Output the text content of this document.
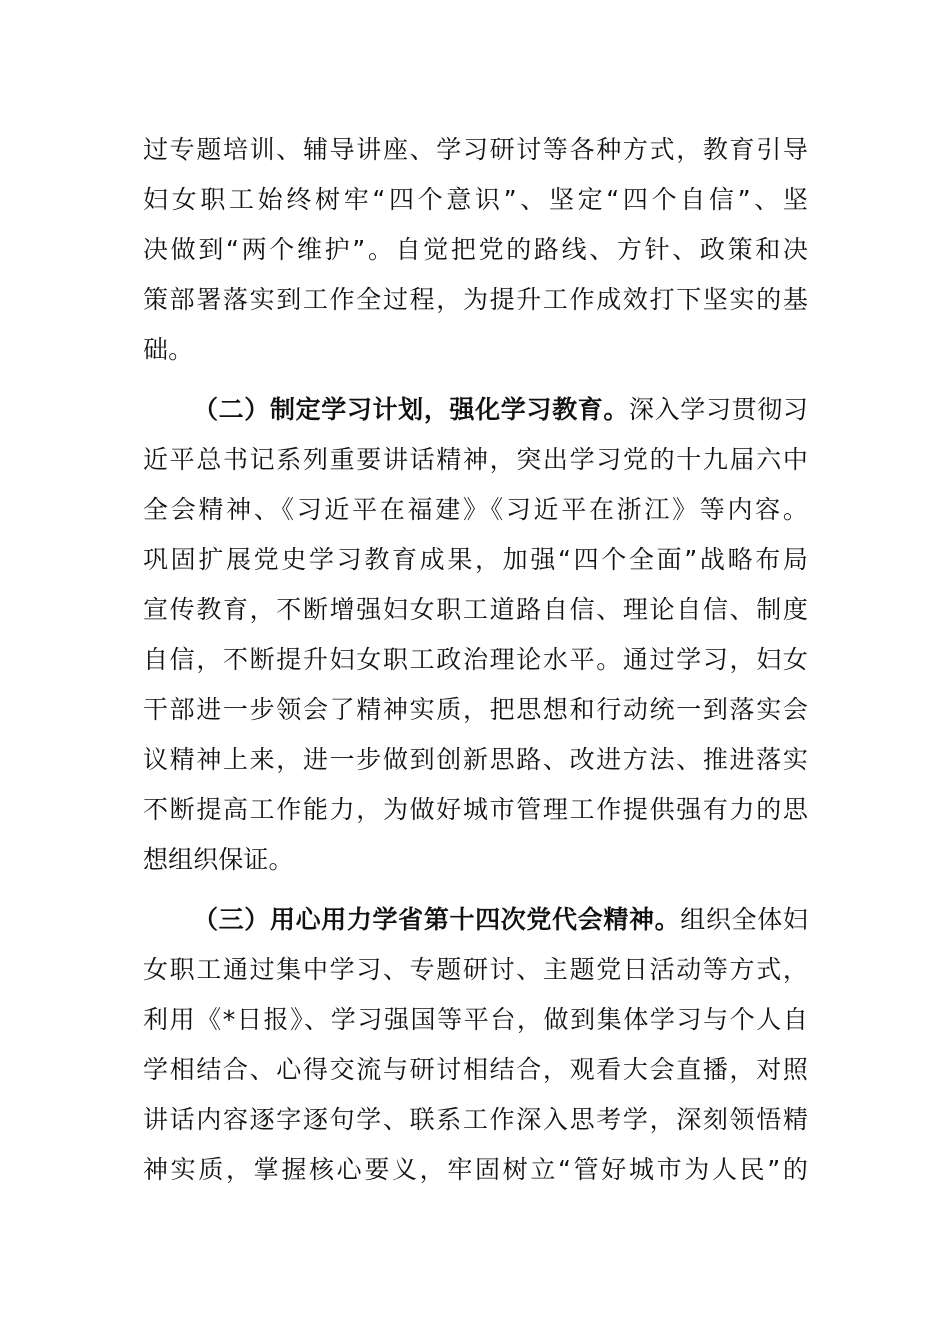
过专题培训、辅导讲座、学习研讨等各种方式，教育引导
妇女职工始终树牢“四个意识”、坚定“四个自信”、坚
决做到“两个维护”。自觉把党的路线、方针、政策和决
策部署落实到工作全过程，为提升工作成效打下坚实的基
础。
（二）制定学习计划，强化学习教育。深入学习贯彻习
近平总书记系列重要讲话精神，突出学习党的十九届六中
全会精神、《习近平在福建》《习近平在浙江》等内容。
巩固扩展党史学习教育成果，加强“四个全面”战略布局
宣传教育，不断增强妇女职工道路自信、理论自信、制度
自信，不断提升妇女职工政治理论水平。通过学习，妇女
干部进一步领会了精神实质，把思想和行动统一到落实会
议精神上来，进一步做到创新思路、改进方法、推进落实
不断提高工作能力，为做好城市管理工作提供强有力的思
想组织保证。
（三）用心用力学省第十四次党代会精神。组织全体妇
女职工通过集中学习、专题研讨、主题党日活动等方式，
利用《*日报》、学习强国等平台，做到集体学习与个人自
学相结合、心得交流与研讨相结合，观看大会直播，对照
讲话内容逐字逐句学、联系工作深入思考学，深刻领悟精
神实质，掌握核心要义，牢固树立“管好城市为人民”的
